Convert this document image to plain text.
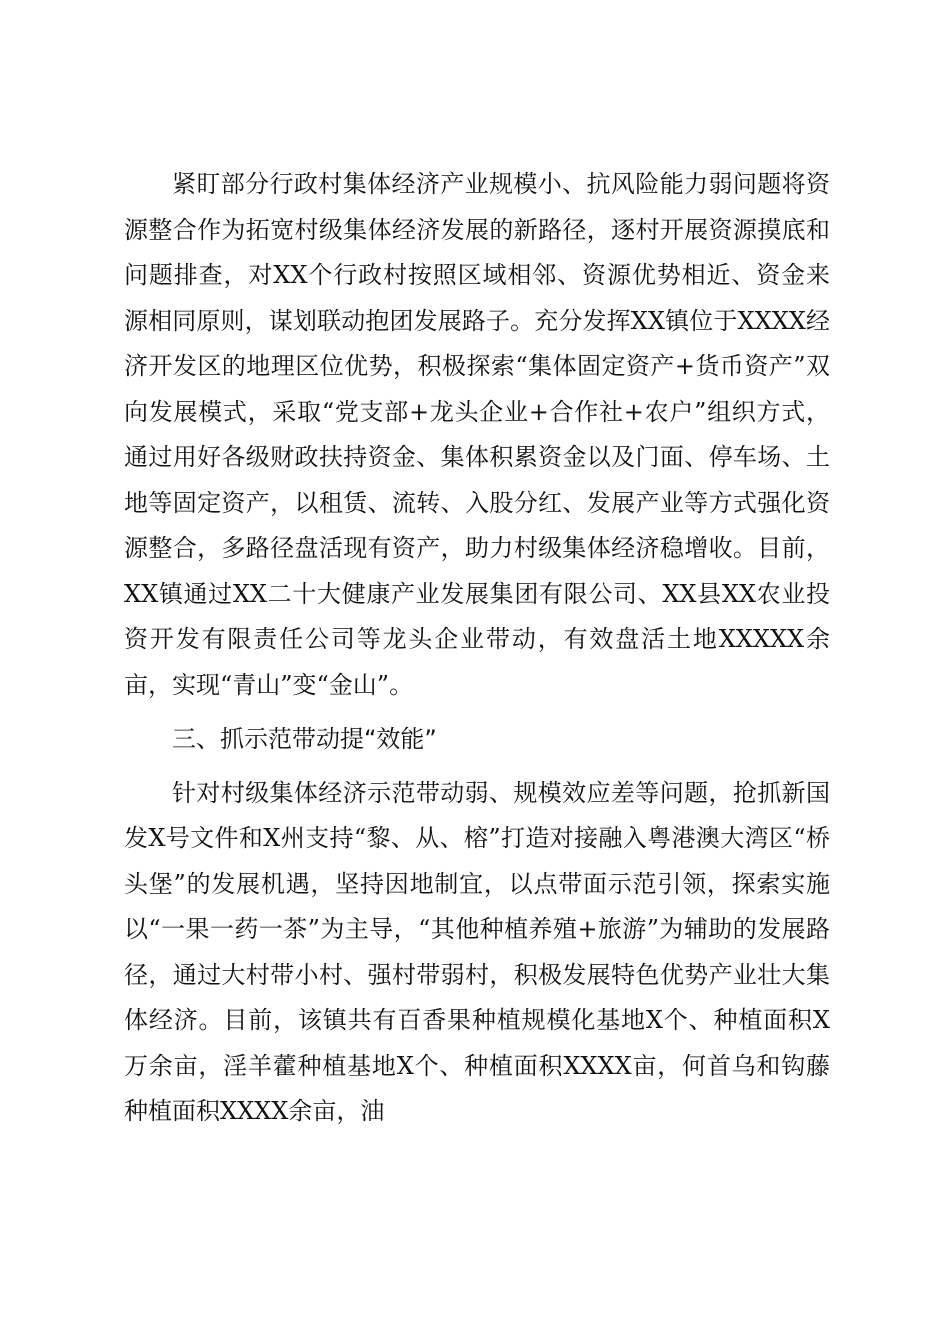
紧盯部分行政村集体经济产业规模小、抗风险能力弱问题将资源整合作为拓宽村级集体经济发展的新路径，逐村开展资源摸底和问题排查，对XX个行政村按照区域相邻、资源优势相近、资金来源相同原则，谋划联动抱团发展路子。充分发挥XX镇位于XXXX经济开发区的地理区位优势，积极探索“集体固定资产+货币资产”双向发展模式，采取“党支部+龙头企业+合作社+农户”组织方式，通过用好各级财政扶持资金、集体积累资金以及门面、停车场、土地等固定资产，以租赁、流转、入股分红、发展产业等方式强化资源整合，多路径盘活现有资产，助力村级集体经济稳增收。目前，XX镇通过XX二十大健康产业发展集团有限公司、XX县XX农业投资开发有限责任公司等龙头企业带动，有效盘活土地XXXXX余亩，实现“青山”变“金山”。

三、抓示范带动提“效能”

针对村级集体经济示范带动弱、规模效应差等问题，抢抓新国发X号文件和X州支持“黎、从、榕”打造对接融入粤港澳大湾区“桥头堡”的发展机遇，坚持因地制宜，以点带面示范引领，探索实施以“一果一药一茶”为主导，“其他种植养殖+旅游”为辅助的发展路径，通过大村带小村、强村带弱村，积极发展特色优势产业壮大集体经济。目前，该镇共有百香果种植规模化基地X个、种植面积X万余亩，淫羊藿种植基地X个、种植面积XXXX亩，何首乌和钩藤种植面积XXXX余亩，油
